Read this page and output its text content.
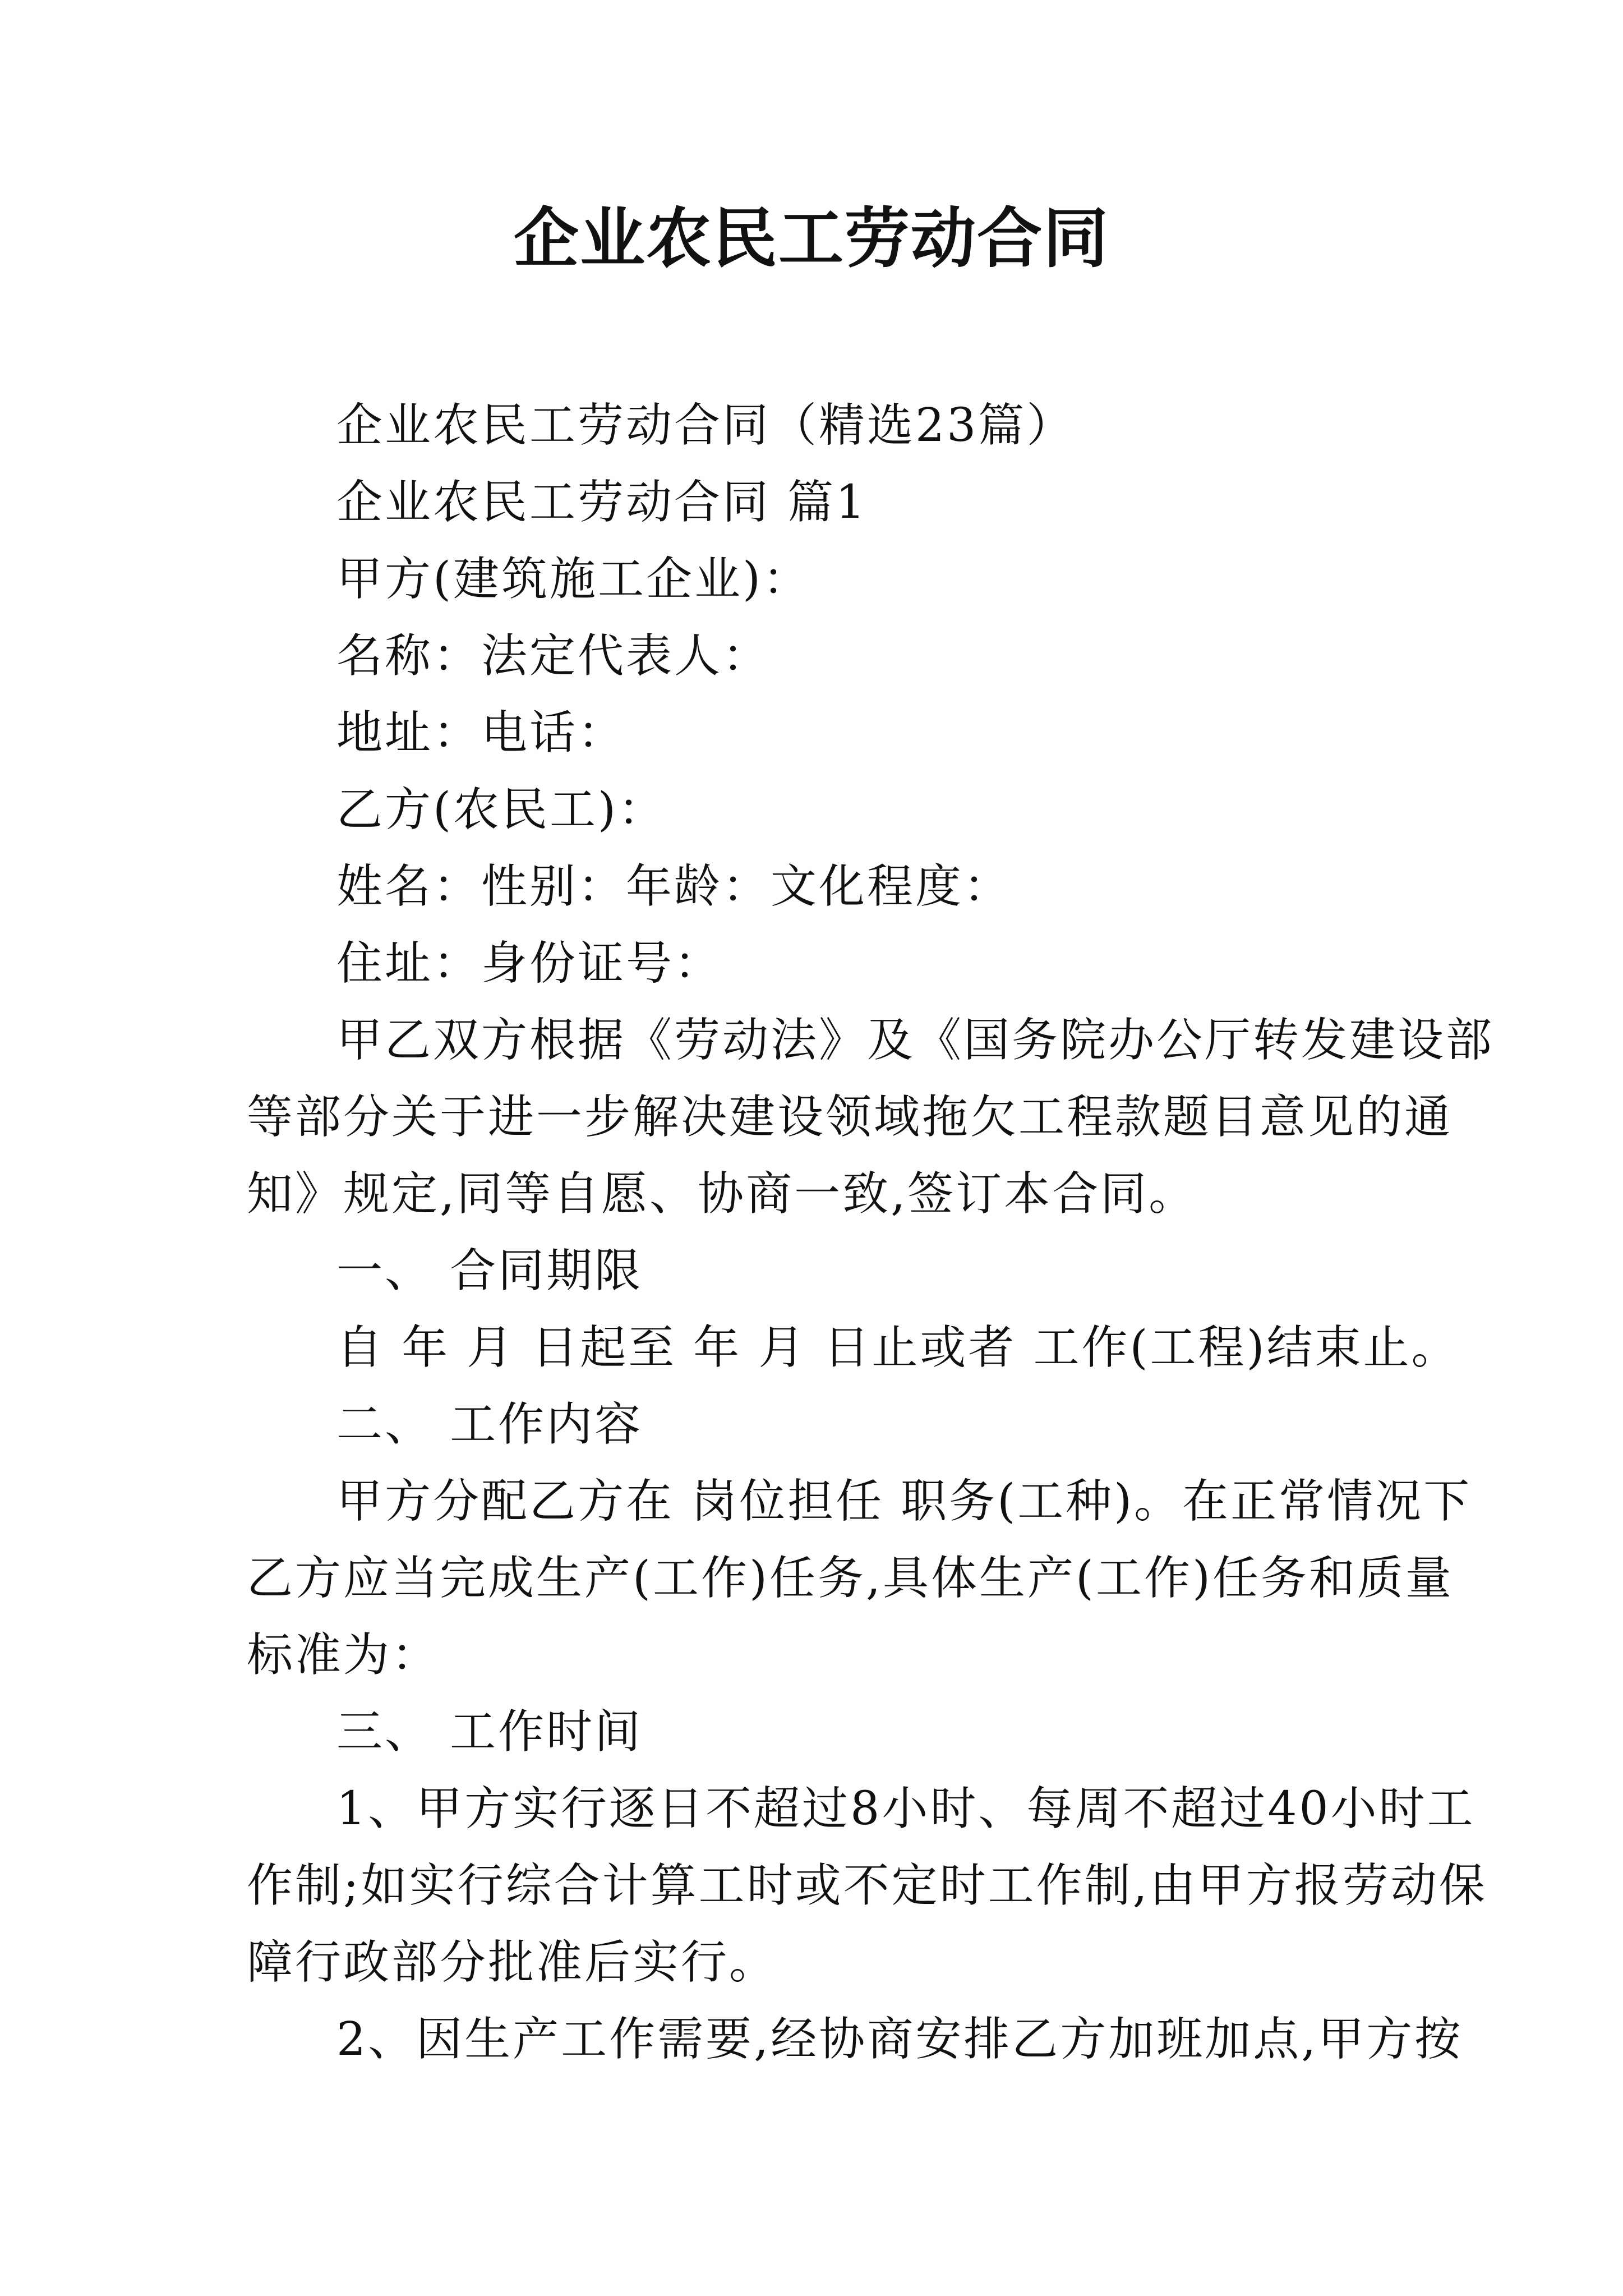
企业农民工劳动合同
企业农民工劳动合同（精选23篇）
企业农民工劳动合同 篇1
甲方(建筑施工企业)：
名称：法定代表人：
地址：电话：
乙方(农民工)：
姓名：性别：年龄：文化程度：
住址：身份证号：
甲乙双方根据《劳动法》及《国务院办公厅转发建设部
等部分关于进一步解决建设领域拖欠工程款题目意见的通
知》规定,同等自愿、协商一致,签订本合同。
一、 合同期限
自 年 月 日起至 年 月 日止或者 工作(工程)结束止。
二、 工作内容
甲方分配乙方在 岗位担任 职务(工种)。在正常情况下
乙方应当完成生产(工作)任务,具体生产(工作)任务和质量
标准为：
三、 工作时间
1、甲方实行逐日不超过8小时、每周不超过40小时工
作制;如实行综合计算工时或不定时工作制,由甲方报劳动保
障行政部分批准后实行。
2、因生产工作需要,经协商安排乙方加班加点,甲方按
